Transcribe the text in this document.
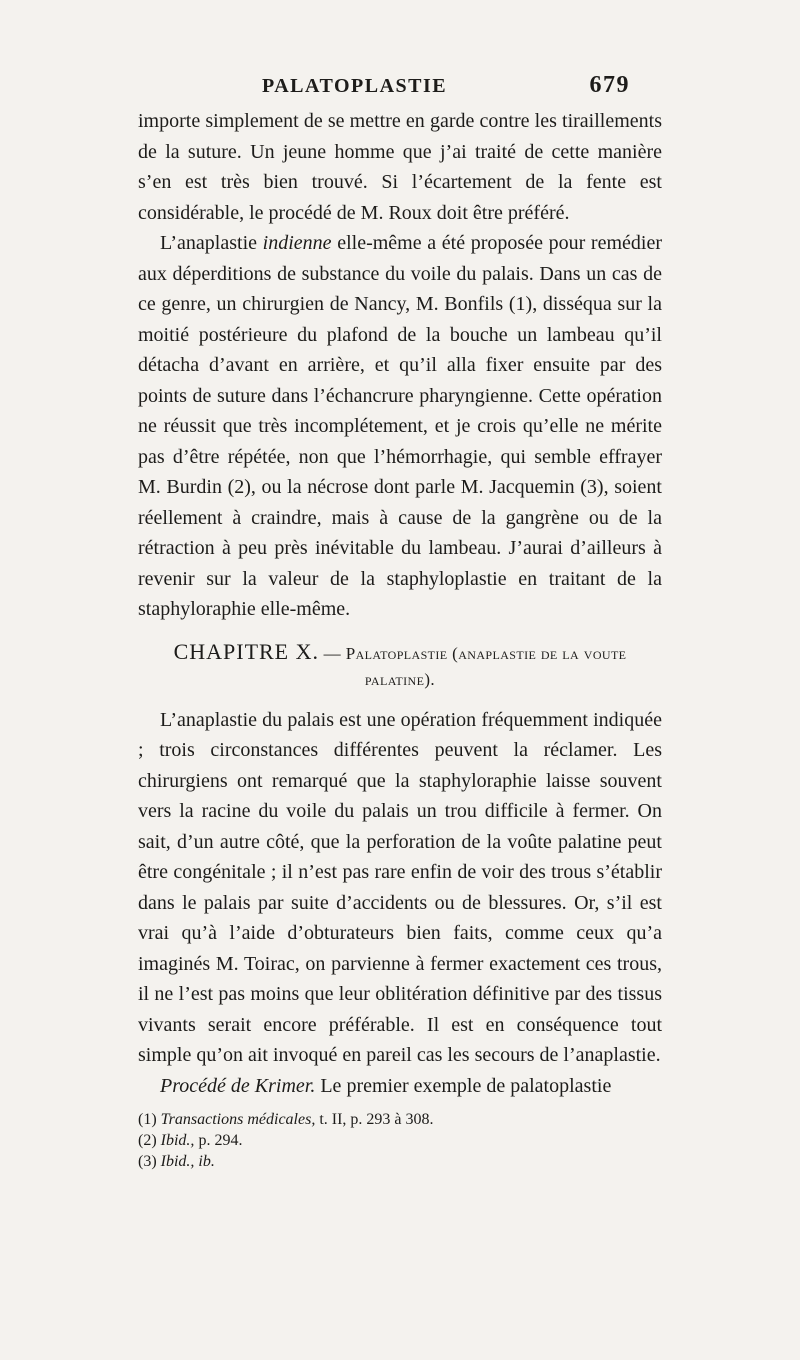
PALATOPLASTIE	679

importe simplement de se mettre en garde contre les tiraillements de la suture. Un jeune homme que j’ai traité de cette manière s’en est très bien trouvé. Si l’écartement de la fente est considérable, le procédé de M. Roux doit être préféré.

L’anaplastie indienne elle-même a été proposée pour remédier aux déperditions de substance du voile du palais. Dans un cas de ce genre, un chirurgien de Nancy, M. Bonfils (1), disséqua sur la moitié postérieure du plafond de la bouche un lambeau qu’il détacha d’avant en arrière, et qu’il alla fixer ensuite par des points de suture dans l’échancrure pharyngienne. Cette opération ne réussit que très incomplétement, et je crois qu’elle ne mérite pas d’être répétée, non que l’hémorrhagie, qui semble effrayer M. Burdin (2), ou la nécrose dont parle M. Jacquemin (3), soient réellement à craindre, mais à cause de la gangrène ou de la rétraction à peu près inévitable du lambeau. J’aurai d’ailleurs à revenir sur la valeur de la staphyloplastie en traitant de la staphyloraphie elle-même.

CHAPITRE X. — Palatoplastie (anaplastie de la voute palatine).

L’anaplastie du palais est une opération fréquemment indiquée ; trois circonstances différentes peuvent la réclamer. Les chirurgiens ont remarqué que la staphyloraphie laisse souvent vers la racine du voile du palais un trou difficile à fermer. On sait, d’un autre côté, que la perforation de la voûte palatine peut être congénitale ; il n’est pas rare enfin de voir des trous s’établir dans le palais par suite d’accidents ou de blessures. Or, s’il est vrai qu’à l’aide d’obturateurs bien faits, comme ceux qu’a imaginés M. Toirac, on parvienne à fermer exactement ces trous, il ne l’est pas moins que leur oblitération définitive par des tissus vivants serait encore préférable. Il est en conséquence tout simple qu’on ait invoqué en pareil cas les secours de l’anaplastie.

Procédé de Krimer. Le premier exemple de palatoplastie

(1) Transactions médicales, t. II, p. 293 à 308.
(2) Ibid., p. 294.
(3) Ibid., ib.
